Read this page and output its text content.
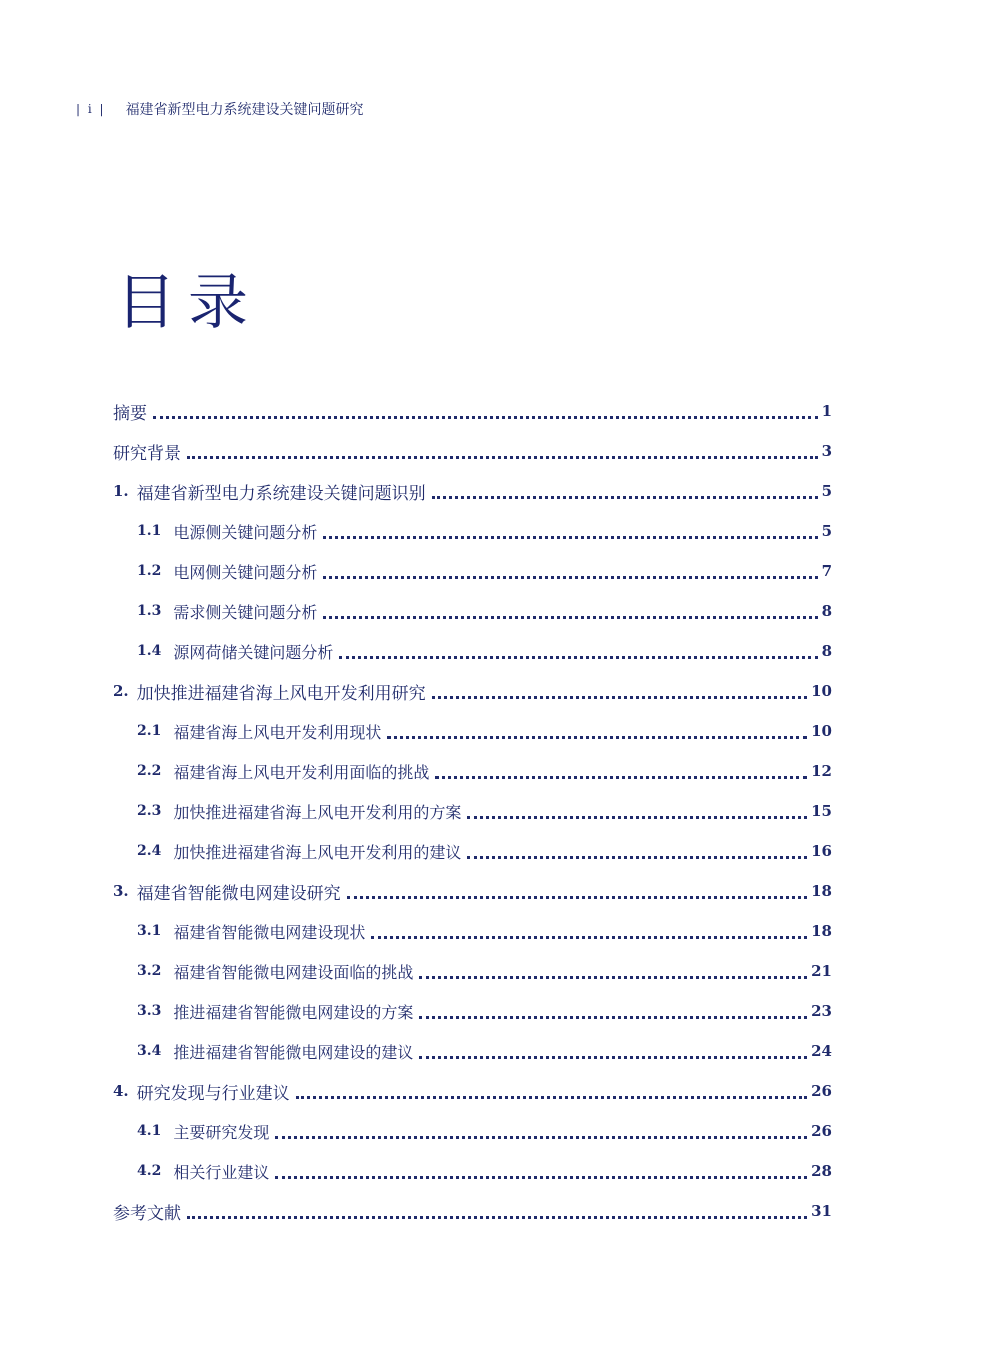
| i | 福建省新型电力系统建设关键问题研究
目录
摘要	1
研究背景	3
1. 福建省新型电力系统建设关键问题识别	5
1.1 电源侧关键问题分析	5
1.2 电网侧关键问题分析	7
1.3 需求侧关键问题分析	8
1.4 源网荷储关键问题分析	8
2. 加快推进福建省海上风电开发利用研究	10
2.1 福建省海上风电开发利用现状	10
2.2 福建省海上风电开发利用面临的挑战	12
2.3 加快推进福建省海上风电开发利用的方案	15
2.4 加快推进福建省海上风电开发利用的建议	16
3. 福建省智能微电网建设研究	18
3.1 福建省智能微电网建设现状	18
3.2 福建省智能微电网建设面临的挑战	21
3.3 推进福建省智能微电网建设的方案	23
3.4 推进福建省智能微电网建设的建议	24
4. 研究发现与行业建议	26
4.1 主要研究发现	26
4.2 相关行业建议	28
参考文献	31
